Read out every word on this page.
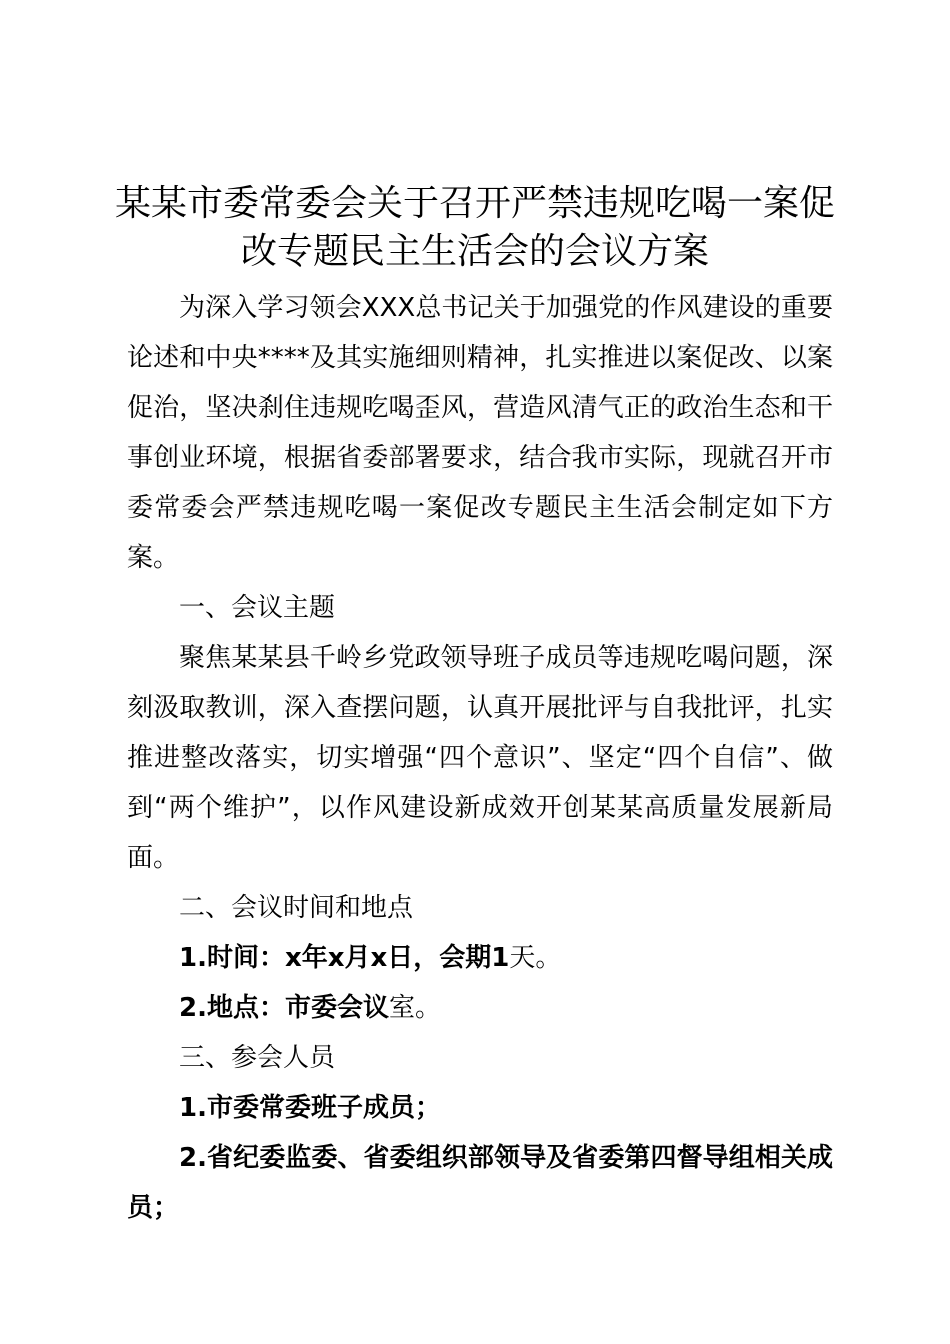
某某市委常委会关于召开严禁违规吃喝一案促
改专题民主生活会的会议方案

为深入学习领会XXX总书记关于加强党的作风建设的重要论述和中央****及其实施细则精神，扎实推进以案促改、以案促治，坚决刹住违规吃喝歪风，营造风清气正的政治生态和干事创业环境，根据省委部署要求，结合我市实际，现就召开市委常委会严禁违规吃喝一案促改专题民主生活会制定如下方案。

一、会议主题

聚焦某某县千岭乡党政领导班子成员等违规吃喝问题，深刻汲取教训，深入查摆问题，认真开展批评与自我批评，扎实推进整改落实，切实增强“四个意识”、坚定“四个自信”、做到“两个维护”，以作风建设新成效开创某某高质量发展新局面。

二、会议时间和地点

1.时间：x年x月x日，会期1天。

2.地点：市委会议室。

三、参会人员

1.市委常委班子成员；

2.省纪委监委、省委组织部领导及省委第四督导组相关成员；
